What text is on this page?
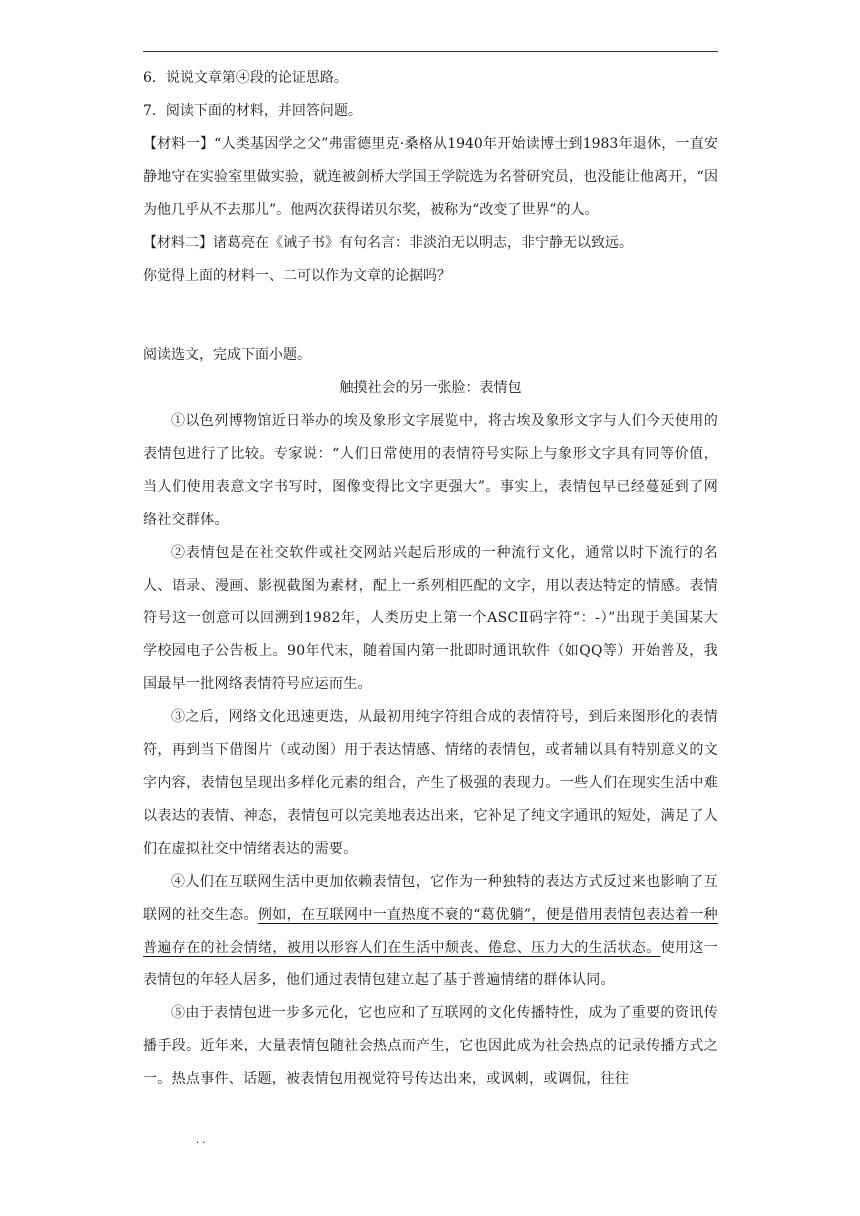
6．说说文章第④段的论证思路。

7．阅读下面的材料，并回答问题。

【材料一】“人类基因学之父”弗雷德里克·桑格从1940年开始读博士到1983年退休，一直安静地守在实验室里做实验，就连被剑桥大学国王学院选为名誉研究员，也没能让他离开，“因为他几乎从不去那儿”。他两次获得诺贝尔奖，被称为“改变了世界”的人。

【材料二】诸葛亮在《诫子书》有句名言：非淡泊无以明志，非宁静无以致远。

你觉得上面的材料一、二可以作为文章的论据吗？

阅读选文，完成下面小题。

触摸社会的另一张脸：表情包

①以色列博物馆近日举办的埃及象形文字展览中，将古埃及象形文字与人们今天使用的表情包进行了比较。专家说：“人们日常使用的表情符号实际上与象形文字具有同等价值，当人们使用表意文字书写时，图像变得比文字更强大”。事实上，表情包早已经蔓延到了网络社交群体。

②表情包是在社交软件或社交网站兴起后形成的一种流行文化，通常以时下流行的名人、语录、漫画、影视截图为素材，配上一系列相匹配的文字，用以表达特定的情感。表情符号这一创意可以回溯到1982年，人类历史上第一个ASCⅡ码字符“：-）”出现于美国某大学校园电子公告板上。90年代末，随着国内第一批即时通讯软件（如QQ等）开始普及，我国最早一批网络表情符号应运而生。

③之后，网络文化迅速更迭，从最初用纯字符组合成的表情符号，到后来图形化的表情符，再到当下借图片（或动图）用于表达情感、情绪的表情包，或者辅以具有特别意义的文字内容，表情包呈现出多样化元素的组合，产生了极强的表现力。一些人们在现实生活中难以表达的表情、神态，表情包可以完美地表达出来，它补足了纯文字通讯的短处，满足了人们在虚拟社交中情绪表达的需要。

④人们在互联网生活中更加依赖表情包，它作为一种独特的表达方式反过来也影响了互联网的社交生态。例如，在互联网中一直热度不衰的“葛优躺”，便是借用表情包表达着一种普遍存在的社会情绪，被用以形容人们在生活中颓丧、倦怠、压力大的生活状态。使用这一表情包的年轻人居多，他们通过表情包建立起了基于普遍情绪的群体认同。

⑤由于表情包进一步多元化，它也应和了互联网的文化传播特性，成为了重要的资讯传播手段。近年来，大量表情包随社会热点而产生，它也因此成为社会热点的记录传播方式之一。热点事件、话题，被表情包用视觉符号传达出来，或讽刺，或调侃，往往

··
